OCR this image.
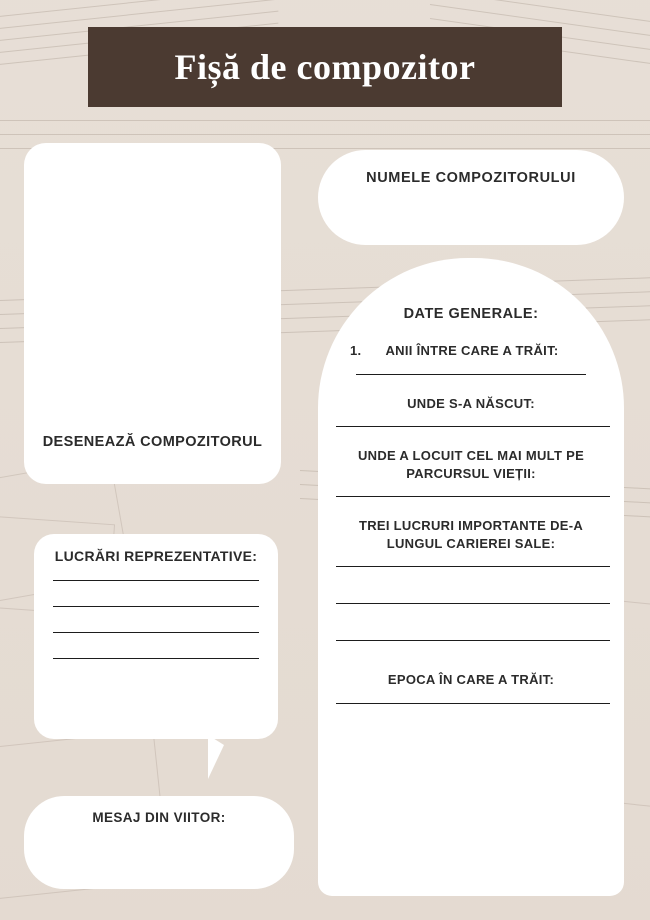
Fișă de compozitor
DESENEAZĂ COMPOZITORUL
NUMELE COMPOZITORULUI
DATE GENERALE:
1. ANII ÎNTRE CARE A TRĂIT:
UNDE S-A NĂSCUT:
UNDE A LOCUIT CEL MAI MULT PE PARCURSUL VIEȚII:
TREI LUCRURI IMPORTANTE DE-A LUNGUL CARIEREI SALE:
EPOCA ÎN CARE A TRĂIT:
LUCRĂRI REPREZENTATIVE:
MESAJ DIN VIITOR:
